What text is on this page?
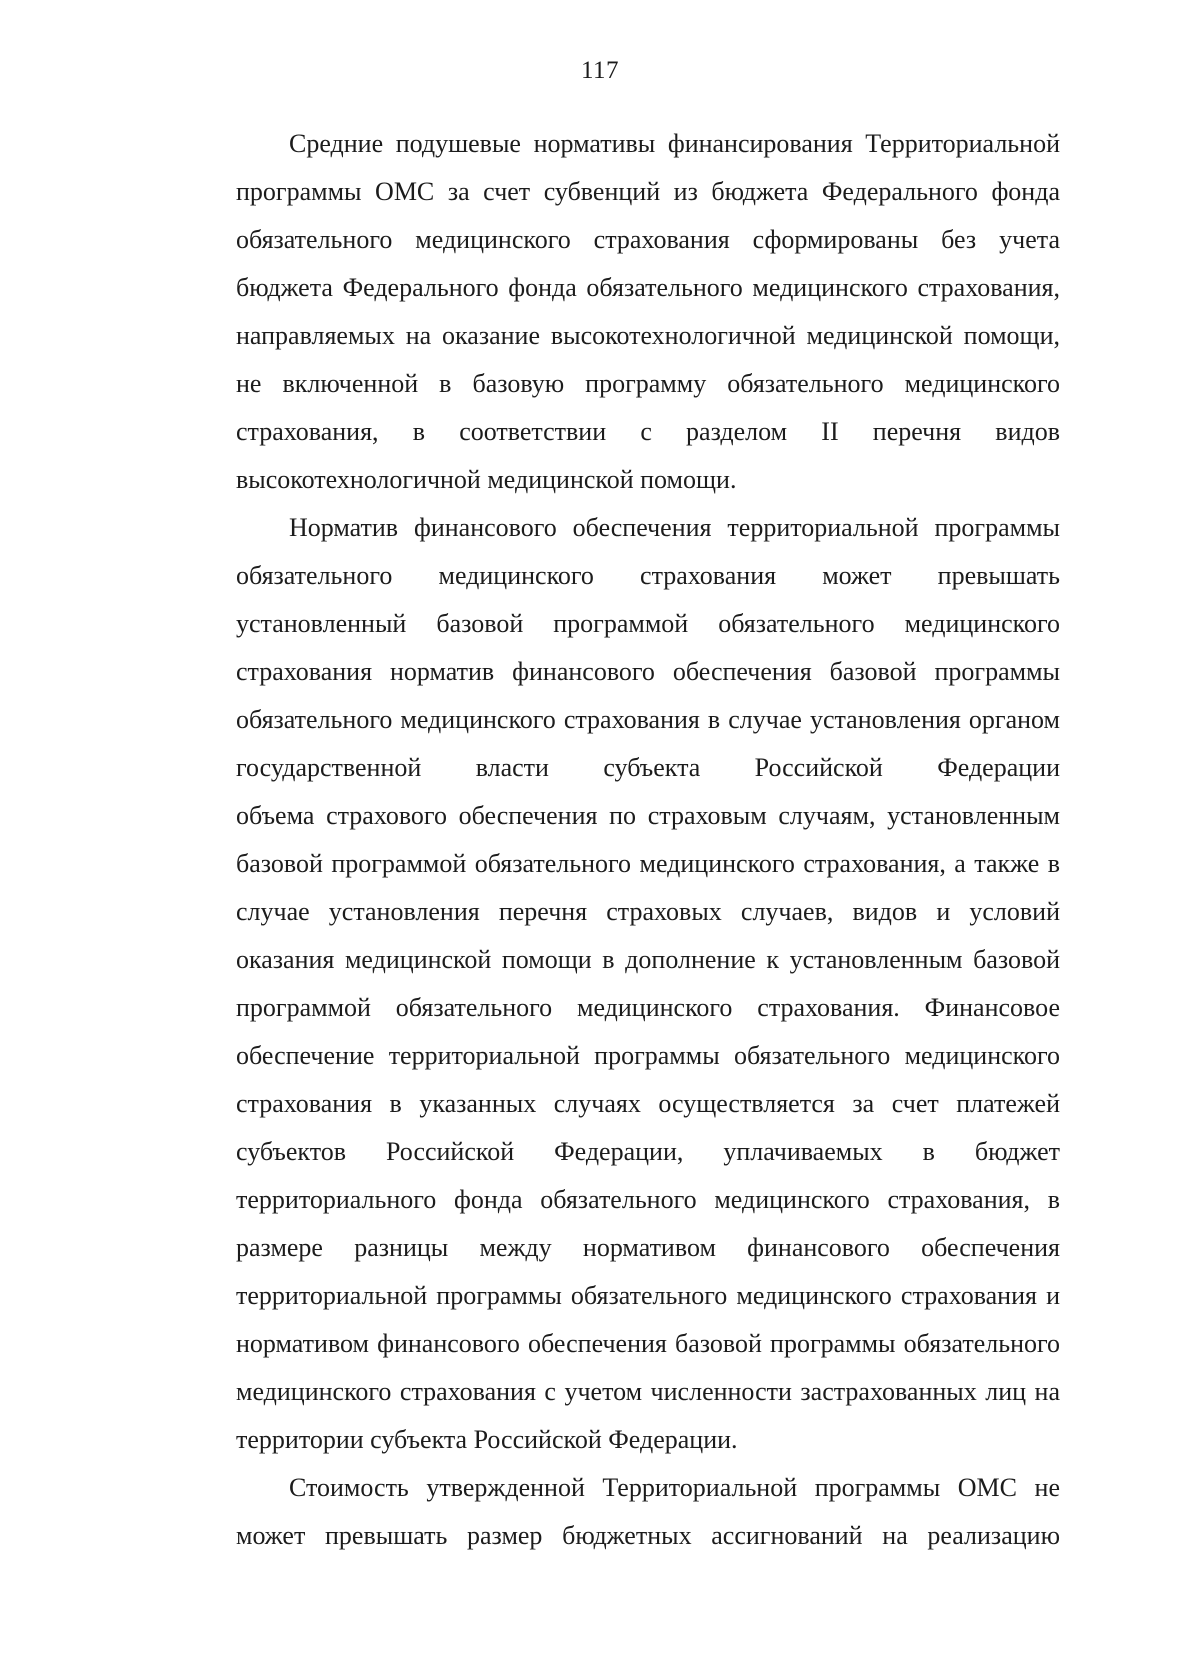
117
Средние подушевые нормативы финансирования Территориальной
программы ОМС за счет субвенций из бюджета Федерального фонда
обязательного медицинского страхования сформированы без учета
бюджета Федерального фонда обязательного медицинского страхования,
направляемых на оказание высокотехнологичной медицинской помощи,
не включенной в базовую программу обязательного медицинского
страхования, в соответствии с разделом II перечня видов
высокотехнологичной медицинской помощи.
Норматив финансового обеспечения территориальной программы
обязательного медицинского страхования может превышать
установленный базовой программой обязательного медицинского
страхования норматив финансового обеспечения базовой программы
обязательного медицинского страхования в случае установления органом
государственной власти субъекта Российской Федерации
объема страхового обеспечения по страховым случаям, установленным
базовой программой обязательного медицинского страхования, а также в
случае установления перечня страховых случаев, видов и условий
оказания медицинской помощи в дополнение к установленным базовой
программой обязательного медицинского страхования. Финансовое
обеспечение территориальной программы обязательного медицинского
страхования в указанных случаях осуществляется за счет платежей
субъектов Российской Федерации, уплачиваемых в бюджет
территориального фонда обязательного медицинского страхования, в
размере разницы между нормативом финансового обеспечения
территориальной программы обязательного медицинского страхования и
нормативом финансового обеспечения базовой программы обязательного
медицинского страхования с учетом численности застрахованных лиц на
территории субъекта Российской Федерации.
Стоимость утвержденной Территориальной программы ОМС не
может превышать размер бюджетных ассигнований на реализацию
